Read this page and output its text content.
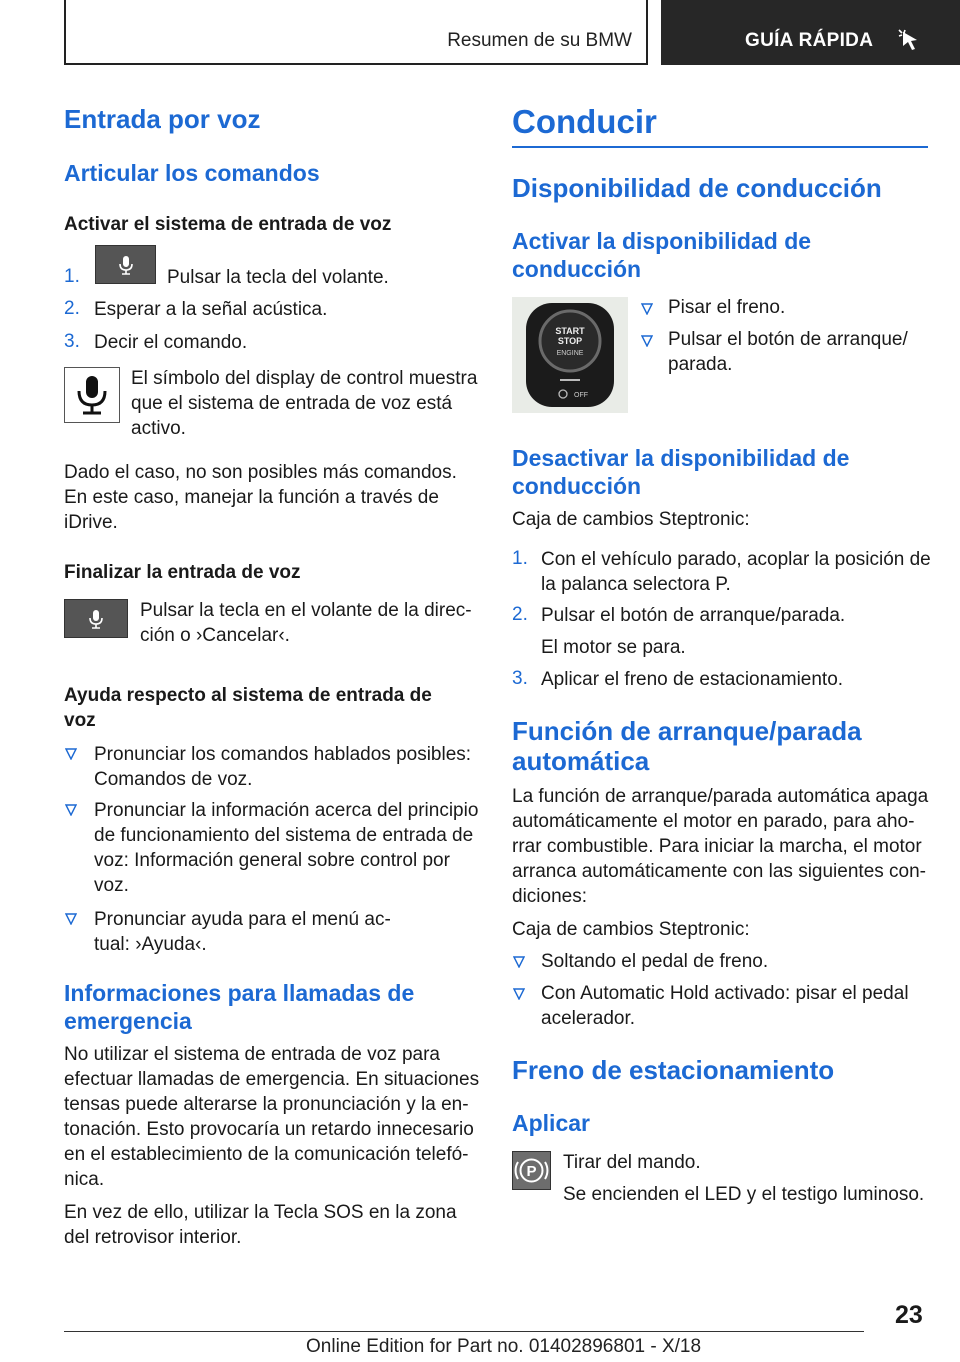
Resumen de su BMW	GUÍA RÁPIDA
Entrada por voz
Articular los comandos
Activar el sistema de entrada de voz
1.	Pulsar la tecla del volante.
2. Esperar a la señal acústica.
3. Decir el comando.
El símbolo del display de control muestra
que el sistema de entrada de voz está
activo.
Dado el caso, no son posibles más comandos.
En este caso, manejar la función a través de
iDrive.
Finalizar la entrada de voz
Pulsar la tecla en el volante de la direc‐
ción o ›Cancelar‹.
Ayuda respecto al sistema de entrada de
voz
Pronunciar los comandos hablados posibles:
Comandos de voz.
Pronunciar la información acerca del principio
de funcionamiento del sistema de entrada de
voz: Información general sobre control por
voz.
Pronunciar ayuda para el menú ac‐
tual: ›Ayuda‹.
Informaciones para llamadas de
emergencia
No utilizar el sistema de entrada de voz para
efectuar llamadas de emergencia. En situaciones
tensas puede alterarse la pronunciación y la en‐
tonación. Esto provocaría un retardo innecesario
en el establecimiento de la comunicación telefó‐
nica.
En vez de ello, utilizar la Tecla SOS en la zona
del retrovisor interior.
Conducir
Disponibilidad de conducción
Activar la disponibilidad de
conducción
START
STOP
ENGINE
OFF
Pisar el freno.
Pulsar el botón de arranque/
parada.
Desactivar la disponibilidad de
conducción
Caja de cambios Steptronic:
1. Con el vehículo parado, acoplar la posición de
la palanca selectora P.
2. Pulsar el botón de arranque/parada.
El motor se para.
3. Aplicar el freno de estacionamiento.
Función de arranque/parada
automática
La función de arranque/parada automática apaga
automáticamente el motor en parado, para aho‐
rrar combustible. Para iniciar la marcha, el motor
arranca automáticamente con las siguientes con‐
diciones:
Caja de cambios Steptronic:
Soltando el pedal de freno.
Con Automatic Hold activado: pisar el pedal
acelerador.
Freno de estacionamiento
Aplicar
P Tirar del mando.
Se encienden el LED y el testigo luminoso.
23
Online Edition for Part no. 01402896801 - X/18
